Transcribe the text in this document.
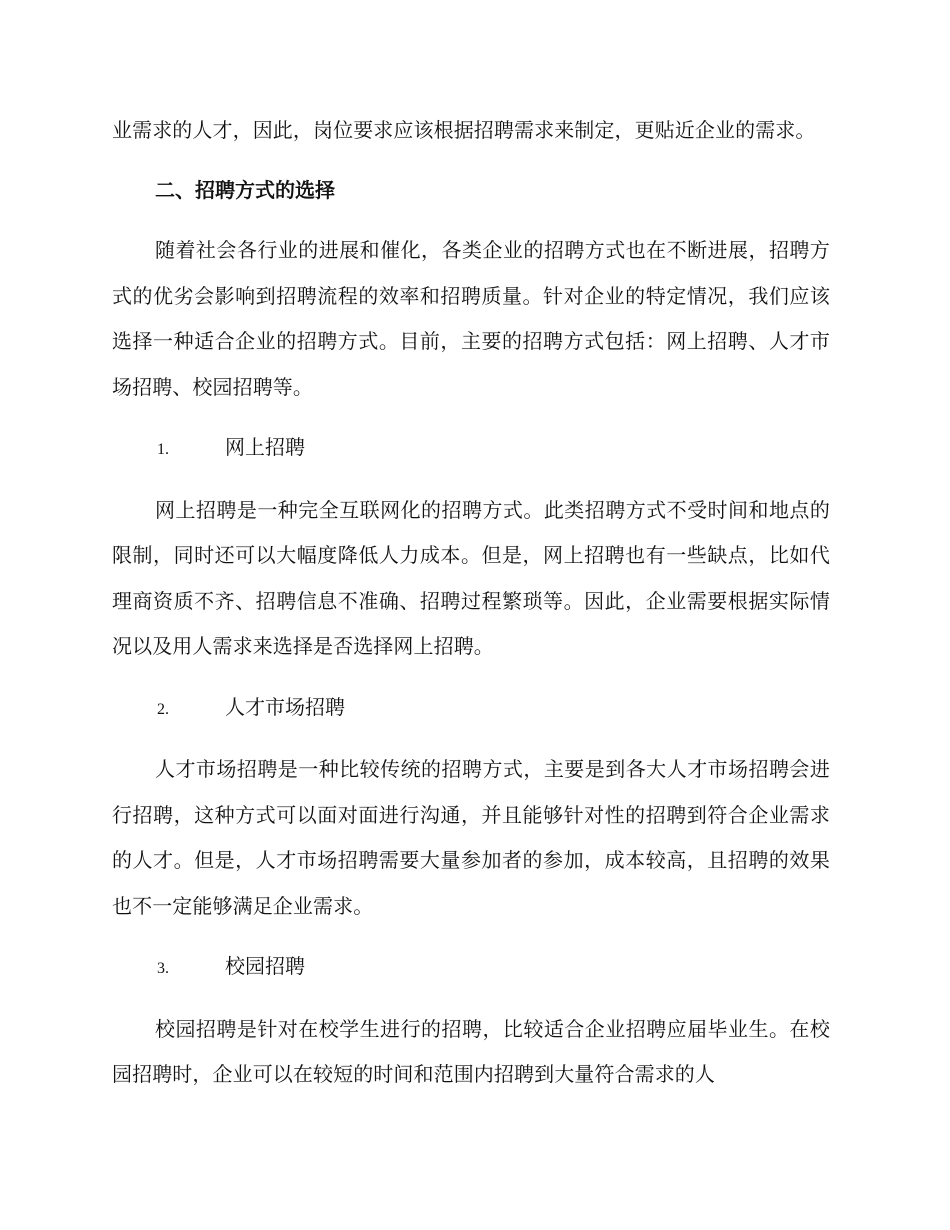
业需求的人才，因此，岗位要求应该根据招聘需求来制定，更贴近企业的需求。

二、招聘方式的选择

随着社会各行业的进展和催化，各类企业的招聘方式也在不断进展，招聘方式的优劣会影响到招聘流程的效率和招聘质量。针对企业的特定情况，我们应该选择一种适合企业的招聘方式。目前，主要的招聘方式包括：网上招聘、人才市场招聘、校园招聘等。

1.	网上招聘

网上招聘是一种完全互联网化的招聘方式。此类招聘方式不受时间和地点的限制，同时还可以大幅度降低人力成本。但是，网上招聘也有一些缺点，比如代理商资质不齐、招聘信息不准确、招聘过程繁琐等。因此，企业需要根据实际情况以及用人需求来选择是否选择网上招聘。

2.	人才市场招聘

人才市场招聘是一种比较传统的招聘方式，主要是到各大人才市场招聘会进行招聘，这种方式可以面对面进行沟通，并且能够针对性的招聘到符合企业需求的人才。但是，人才市场招聘需要大量参加者的参加，成本较高，且招聘的效果也不一定能够满足企业需求。

3.	校园招聘

校园招聘是针对在校学生进行的招聘，比较适合企业招聘应届毕业生。在校园招聘时，企业可以在较短的时间和范围内招聘到大量符合需求的人
